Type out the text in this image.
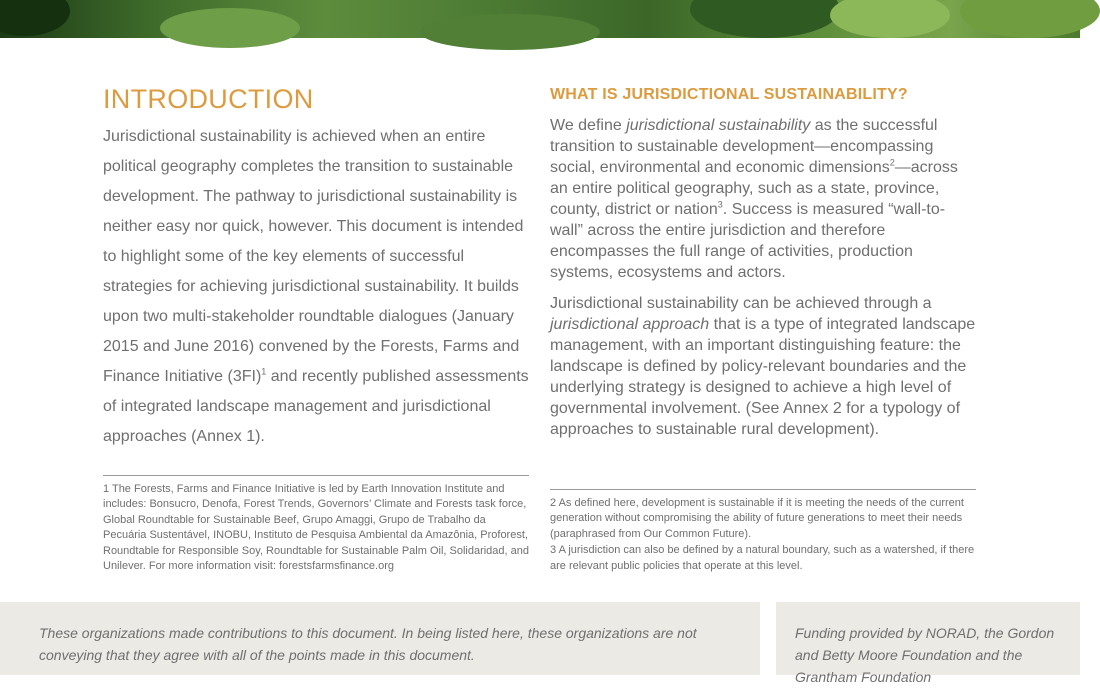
INTRODUCTION

Jurisdictional sustainability is achieved when an entire political geography completes the transition to sustainable development. The pathway to jurisdictional sustainability is neither easy nor quick, however. This document is intended to highlight some of the key elements of successful strategies for achieving jurisdictional sustainability. It builds upon two multi-stakeholder roundtable dialogues (January 2015 and June 2016) convened by the Forests, Farms and Finance Initiative $(3FI)^1$ and recently published assessments of integrated landscape management and jurisdictional approaches (Annex 1).

1 The Forests, Farms and Finance Initiative is led by Earth Innovation Institute and includes: Bonsucro, Denofa, Forest Trends, Governors’ Climate and Forests task force, Global Roundtable for Sustainable Beef, Grupo Amaggi, Grupo de Trabalho da Pecuária Sustentável, INOBU, Instituto de Pesquisa Ambiental da Amazônia, Proforest, Roundtable for Responsible Soy, Roundtable for Sustainable Palm Oil, Solidaridad, and Unilever. For more information visit: forestsfarmsfinance.org

WHAT IS JURISDICTIONAL SUSTAINABILITY?

We define jurisdictional sustainability as the successful transition to sustainable development—encompassing social, environmental and economic dimensions$^2$—across an entire political geography, such as a state, province, county, district or nation$^3$. Success is measured “wall-to-wall” across the entire jurisdiction and therefore encompasses the full range of activities, production systems, ecosystems and actors.

Jurisdictional sustainability can be achieved through a jurisdictional approach that is a type of integrated landscape management, with an important distinguishing feature: the landscape is defined by policy-relevant boundaries and the underlying strategy is designed to achieve a high level of governmental involvement. (See Annex 2 for a typology of approaches to sustainable rural development).

2 As defined here, development is sustainable if it is meeting the needs of the current generation without compromising the ability of future generations to meet their needs (paraphrased from Our Common Future).

3 A jurisdiction can also be defined by a natural boundary, such as a watershed, if there are relevant public policies that operate at this level.

These organizations made contributions to this document. In being listed here, these organizations are not conveying that they agree with all of the points made in this document.

Funding provided by NORAD, the Gordon and Betty Moore Foundation and the Grantham Foundation
